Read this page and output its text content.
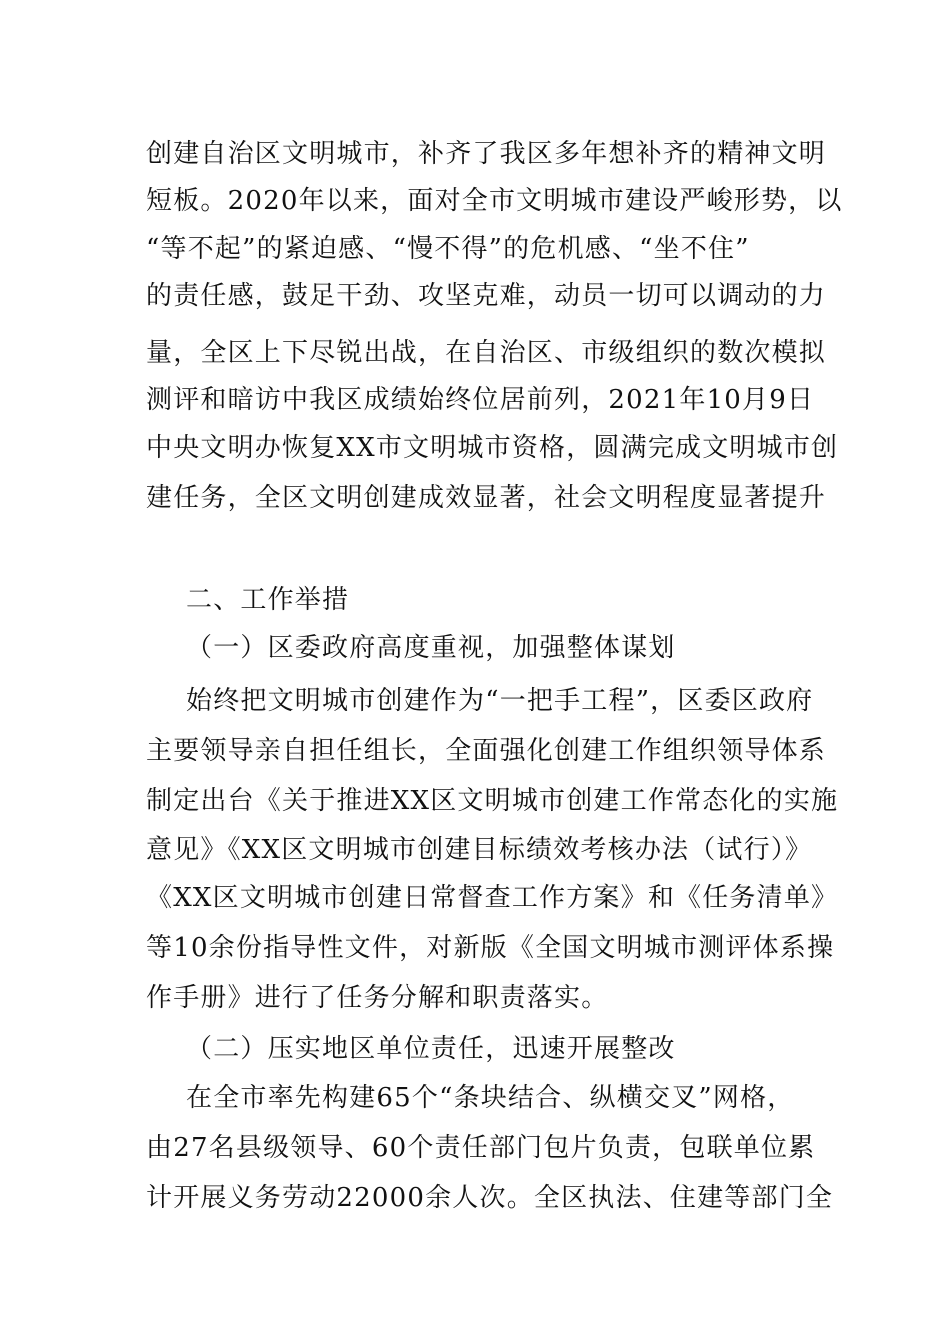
创建自治区文明城市，补齐了我区多年想补齐的精神文明
短板。2020年以来，面对全市文明城市建设严峻形势，以
“等不起”的紧迫感、“慢不得”的危机感、“坐不住”
的责任感，鼓足干劲、攻坚克难，动员一切可以调动的力
量，全区上下尽锐出战，在自治区、市级组织的数次模拟
测评和暗访中我区成绩始终位居前列，2021年10月9日
中央文明办恢复XX市文明城市资格，圆满完成文明城市创
建任务，全区文明创建成效显著，社会文明程度显著提升
二、工作举措
（一）区委政府高度重视，加强整体谋划
始终把文明城市创建作为“一把手工程”，区委区政府
主要领导亲自担任组长，全面强化创建工作组织领导体系
制定出台《关于推进XX区文明城市创建工作常态化的实施
意见》《XX区文明城市创建目标绩效考核办法（试行）》
《XX区文明城市创建日常督查工作方案》和《任务清单》
等10余份指导性文件，对新版《全国文明城市测评体系操
作手册》进行了任务分解和职责落实。
（二）压实地区单位责任，迅速开展整改
在全市率先构建65个“条块结合、纵横交叉”网格，
由27名县级领导、60个责任部门包片负责，包联单位累
计开展义务劳动22000余人次。全区执法、住建等部门全
